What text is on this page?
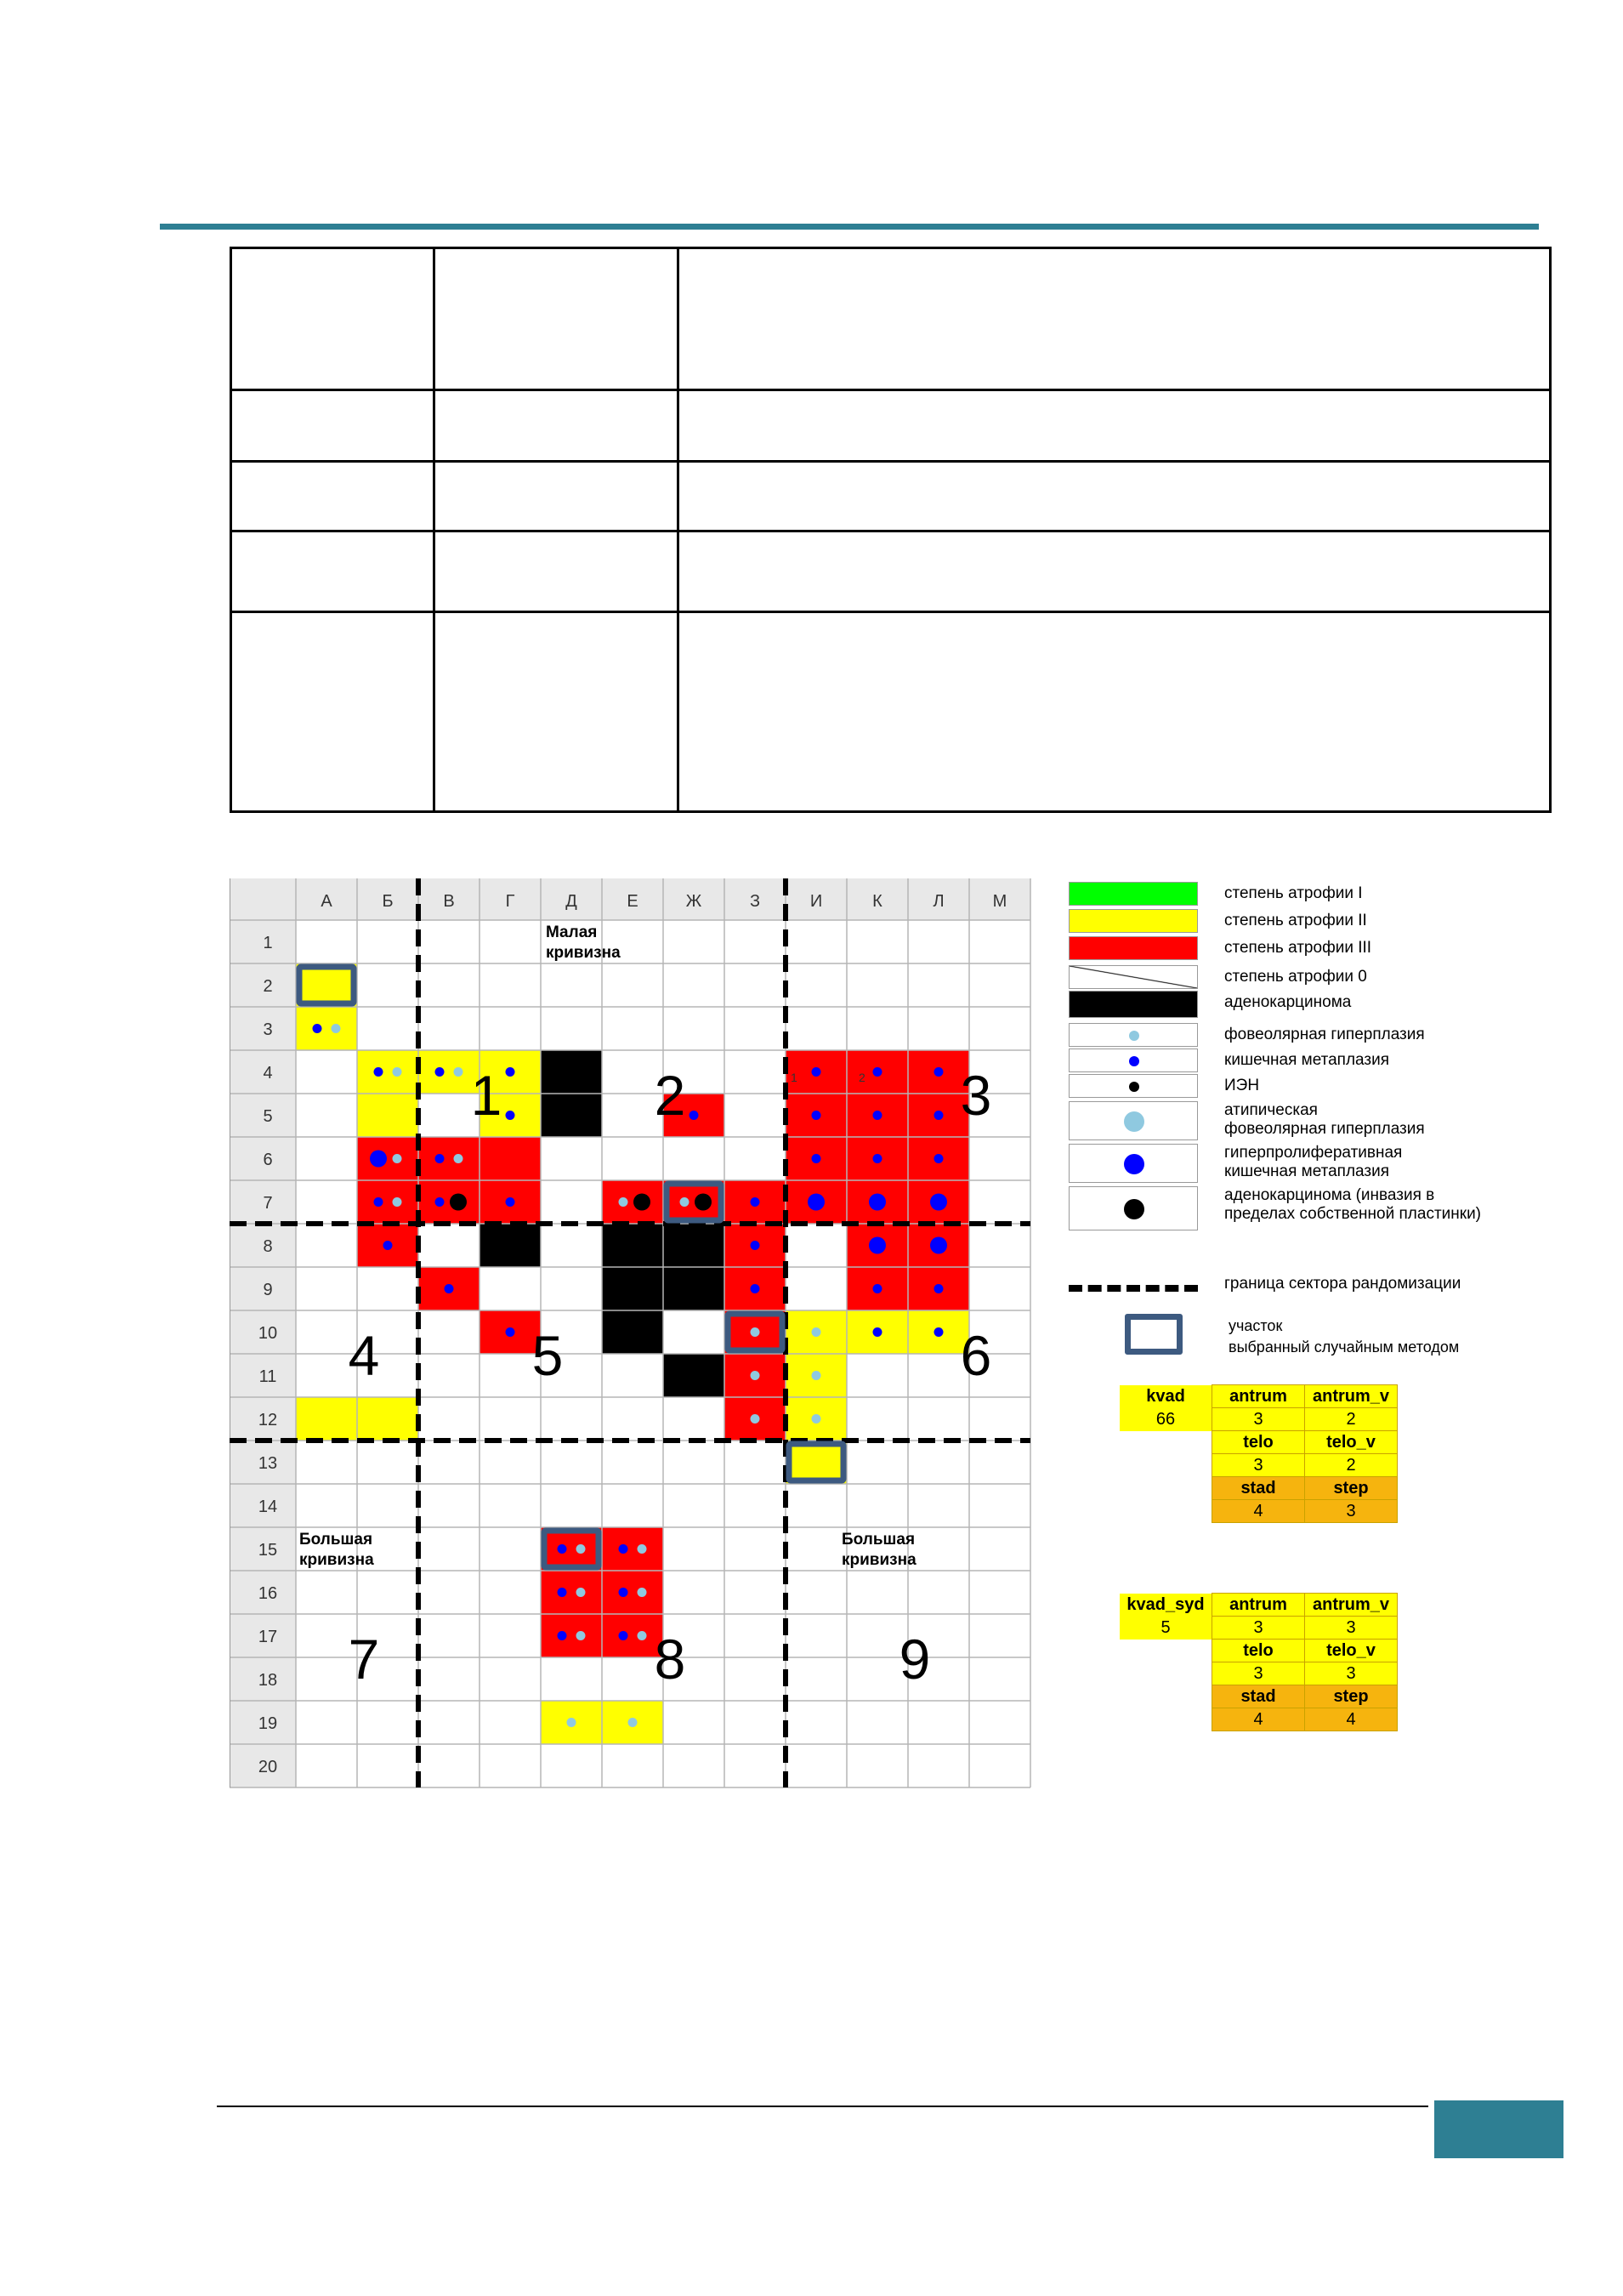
А	Б	В	Г	Д	Е	Ж	З	И	К	Л	М
1
2
3
4
5
6
7
8
9
10
11
12
13
14
15
16
17
18
19
20
1	2	3
4	5	6
7	8	9
Малая
кривизна
Большая
кривизна
Большая
кривизна
1	2
степень атрофии I
степень атрофии II
степень атрофии III
степень атрофии 0
аденокарцинома
фовеолярная гиперплазия
кишечная метаплазия
ИЭН
атипическая
фовеолярная гиперплазия
гиперпролиферативная
кишечная метаплазия
аденокарцинома (инвазия в
пределах собственной пластинки)
граница сектора рандомизации
участок
выбранный случайным методом
kvad	antrum	antrum_v
66	3	2
	telo	telo_v
	3	2
	stad	step
	4	3
kvad_syd	antrum	antrum_v
5	3	3
	telo	telo_v
	3	3
	stad	step
	4	4
